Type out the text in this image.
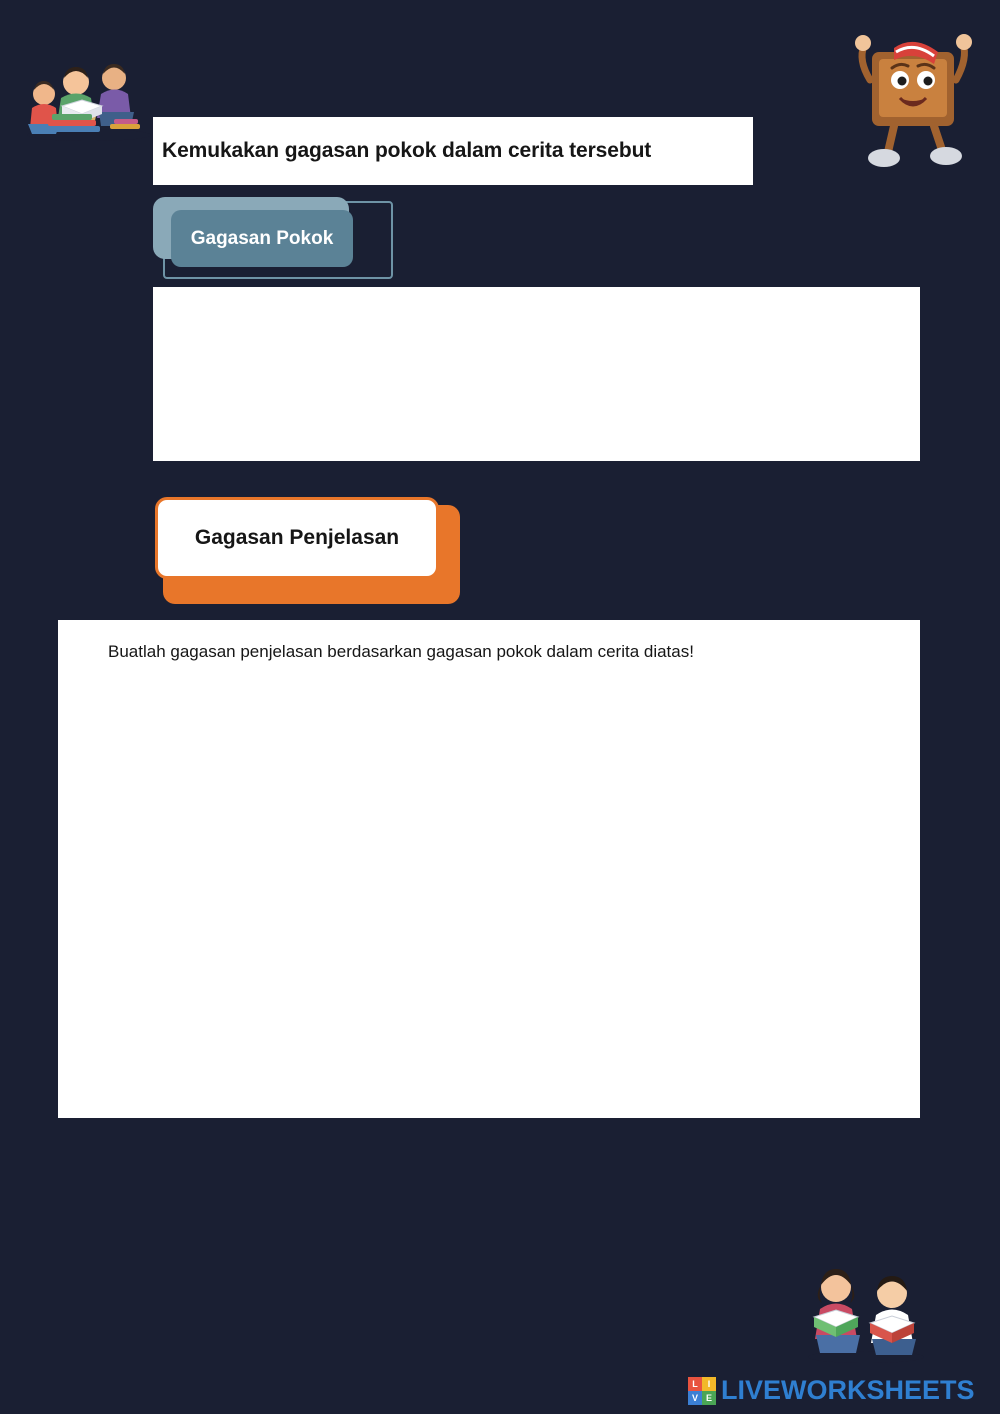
Kemukakan gagasan pokok dalam cerita tersebut
Gagasan Pokok
Gagasan Penjelasan
Buatlah gagasan penjelasan berdasarkan gagasan pokok dalam cerita diatas!
L	I
V E LIVEWORKSHEETS
